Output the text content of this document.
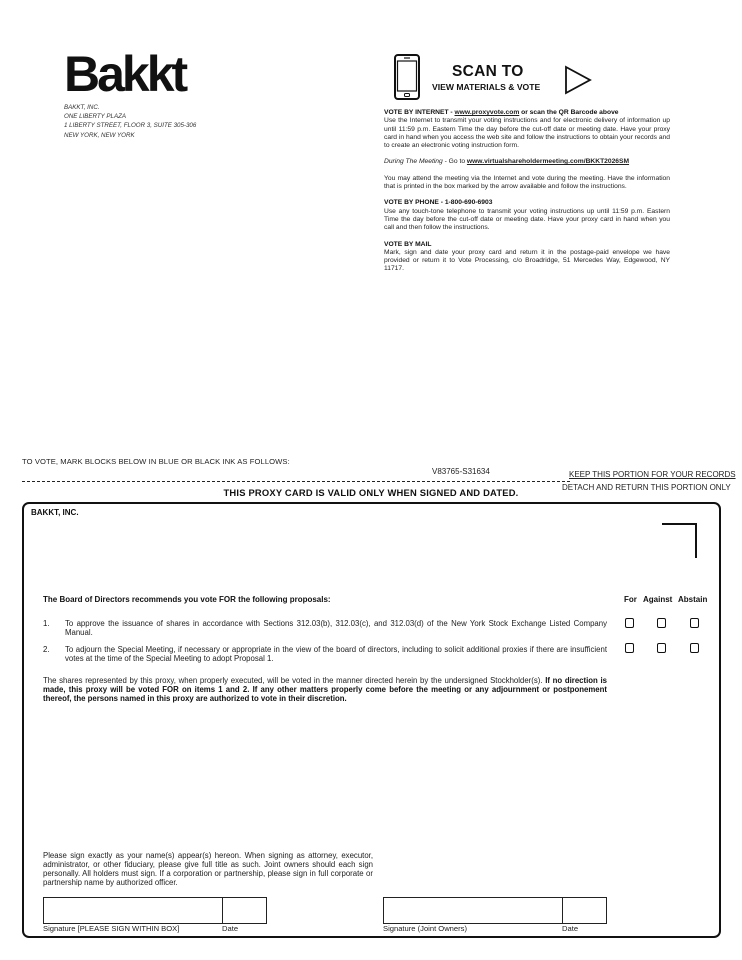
Bakkt
BAKKT, INC.
ONE LIBERTY PLAZA
1 LIBERTY STREET, FLOOR 3, SUITE 305-306
NEW YORK, NEW YORK
SCAN TO
VIEW MATERIALS & VOTE
VOTE BY INTERNET - www.proxyvote.com or scan the QR Barcode above
Use the Internet to transmit your voting instructions and for electronic delivery of information up until 11:59 p.m. Eastern Time the day before the cut-off date or meeting date. Have your proxy card in hand when you access the web site and follow the instructions to obtain your records and to create an electronic voting instruction form.
During The Meeting - Go to www.virtualshareholdermeeting.com/BKKT2026SM
You may attend the meeting via the Internet and vote during the meeting. Have the information that is printed in the box marked by the arrow available and follow the instructions.
VOTE BY PHONE - 1-800-690-6903
Use any touch-tone telephone to transmit your voting instructions up until 11:59 p.m. Eastern Time the day before the cut-off date or meeting date. Have your proxy card in hand when you call and then follow the instructions.
VOTE BY MAIL
Mark, sign and date your proxy card and return it in the postage-paid envelope we have provided or return it to Vote Processing, c/o Broadridge, 51 Mercedes Way, Edgewood, NY 11717.
TO VOTE, MARK BLOCKS BELOW IN BLUE OR BLACK INK AS FOLLOWS:
V83765-S31634	KEEP THIS PORTION FOR YOUR RECORDS
THIS PROXY CARD IS VALID ONLY WHEN SIGNED AND DATED.	DETACH AND RETURN THIS PORTION ONLY
BAKKT, INC.
The Board of Directors recommends you vote FOR the following proposals:	For Against Abstain
1. To approve the issuance of shares in accordance with Sections 312.03(b), 312.03(c), and 312.03(d) of the New York Stock Exchange Listed Company Manual.
2. To adjourn the Special Meeting, if necessary or appropriate in the view of the board of directors, including to solicit additional proxies if there are insufficient votes at the time of the Special Meeting to adopt Proposal 1.
The shares represented by this proxy, when properly executed, will be voted in the manner directed herein by the undersigned Stockholder(s). If no direction is made, this proxy will be voted FOR on items 1 and 2. If any other matters properly come before the meeting or any adjournment or postponement thereof, the persons named in this proxy are authorized to vote in their discretion.
Please sign exactly as your name(s) appear(s) hereon. When signing as attorney, executor, administrator, or other fiduciary, please give full title as such. Joint owners should each sign personally. All holders must sign. If a corporation or partnership, please sign in full corporate or partnership name by authorized officer.
Signature [PLEASE SIGN WITHIN BOX]	Date	Signature (Joint Owners)	Date
